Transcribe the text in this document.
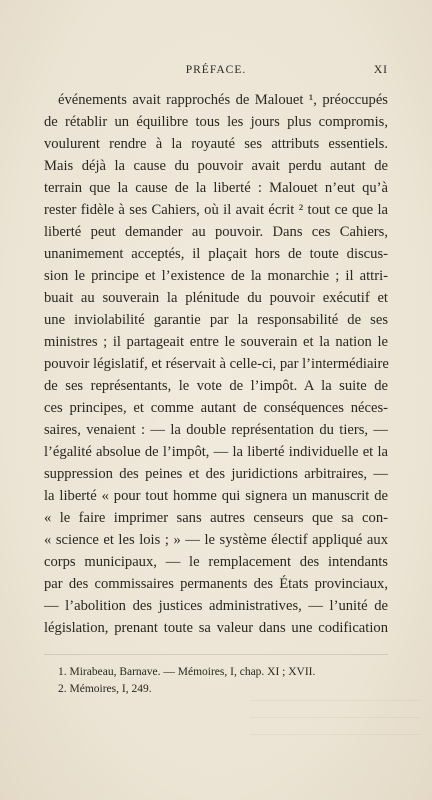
PRÉFACE.	XI
événements avait rapprochés de Malouet ¹, préoccupés
de rétablir un équilibre tous les jours plus compromis,
voulurent rendre à la royauté ses attributs essentiels.
Mais déjà la cause du pouvoir avait perdu autant de
terrain que la cause de la liberté : Malouet n’eut qu’à
rester fidèle à ses Cahiers, où il avait écrit ² tout ce que la
liberté peut demander au pouvoir. Dans ces Cahiers,
unanimement acceptés, il plaçait hors de toute discus-
sion le principe et l’existence de la monarchie ; il attri-
buait au souverain la plénitude du pouvoir exécutif et
une inviolabilité garantie par la responsabilité de ses
ministres ; il partageait entre le souverain et la nation le
pouvoir législatif, et réservait à celle-ci, par l’intermédiaire
de ses représentants, le vote de l’impôt. A la suite de
ces principes, et comme autant de conséquences néces-
saires, venaient : — la double représentation du tiers, —
l’égalité absolue de l’impôt, — la liberté individuelle et la
suppression des peines et des juridictions arbitraires, —
la liberté « pour tout homme qui signera un manuscrit de
« le faire imprimer sans autres censeurs que sa con-
« science et les lois ; » — le système électif appliqué aux
corps municipaux, — le remplacement des intendants
par des commissaires permanents des États provinciaux,
— l’abolition des justices administratives, — l’unité de
législation, prenant toute sa valeur dans une codification
1. Mirabeau, Barnave. — Mémoires, I, chap. XI ; XVII.
2. Mémoires, I, 249.
